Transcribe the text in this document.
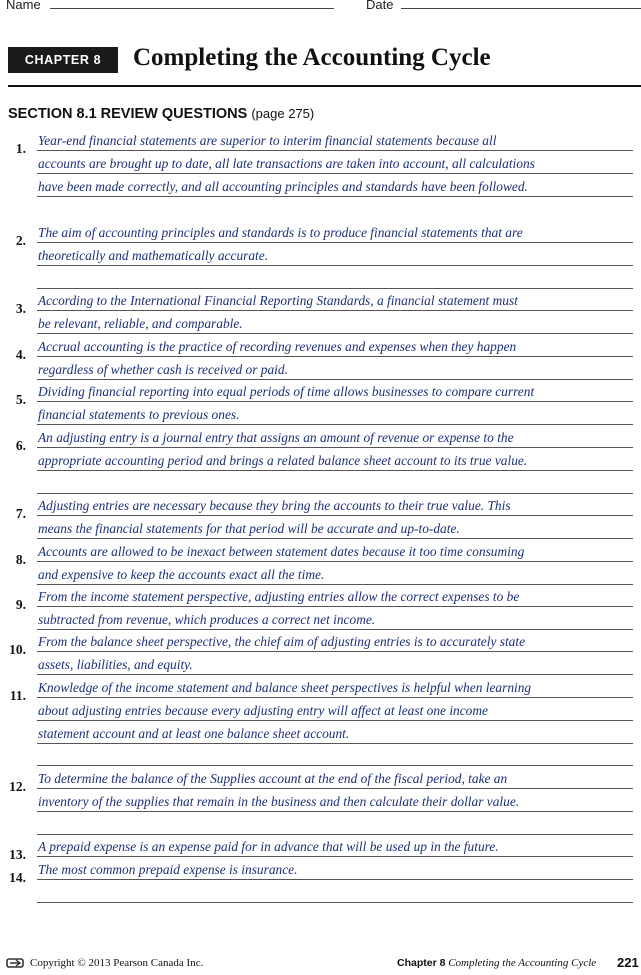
Name	Date
CHAPTER 8 Completing the Accounting Cycle
SECTION 8.1 REVIEW QUESTIONS (page 275)
1.
Year-end financial statements are superior to interim financial statements because all
accounts are brought up to date, all late transactions are taken into account, all calculations
have been made correctly, and all accounting principles and standards have been followed.
2.
The aim of accounting principles and standards is to produce financial statements that are
theoretically and mathematically accurate.
3.
According to the International Financial Reporting Standards, a financial statement must
be relevant, reliable, and comparable.
4.
Accrual accounting is the practice of recording revenues and expenses when they happen
regardless of whether cash is received or paid.
5.
Dividing financial reporting into equal periods of time allows businesses to compare current
financial statements to previous ones.
6.
An adjusting entry is a journal entry that assigns an amount of revenue or expense to the
appropriate accounting period and brings a related balance sheet account to its true value.
7.
Adjusting entries are necessary because they bring the accounts to their true value. This
means the financial statements for that period will be accurate and up-to-date.
8.
Accounts are allowed to be inexact between statement dates because it too time consuming
and expensive to keep the accounts exact all the time.
9.
From the income statement perspective, adjusting entries allow the correct expenses to be
subtracted from revenue, which produces a correct net income.
10.
From the balance sheet perspective, the chief aim of adjusting entries is to accurately state
assets, liabilities, and equity.
11.
Knowledge of the income statement and balance sheet perspectives is helpful when learning
about adjusting entries because every adjusting entry will affect at least one income
statement account and at least one balance sheet account.
12.
To determine the balance of the Supplies account at the end of the fiscal period, take an
inventory of the supplies that remain in the business and then calculate their dollar value.
13.
A prepaid expense is an expense paid for in advance that will be used up in the future.
14.
The most common prepaid expense is insurance.
Copyright © 2013 Pearson Canada Inc.	Chapter 8 Completing the Accounting Cycle 221
